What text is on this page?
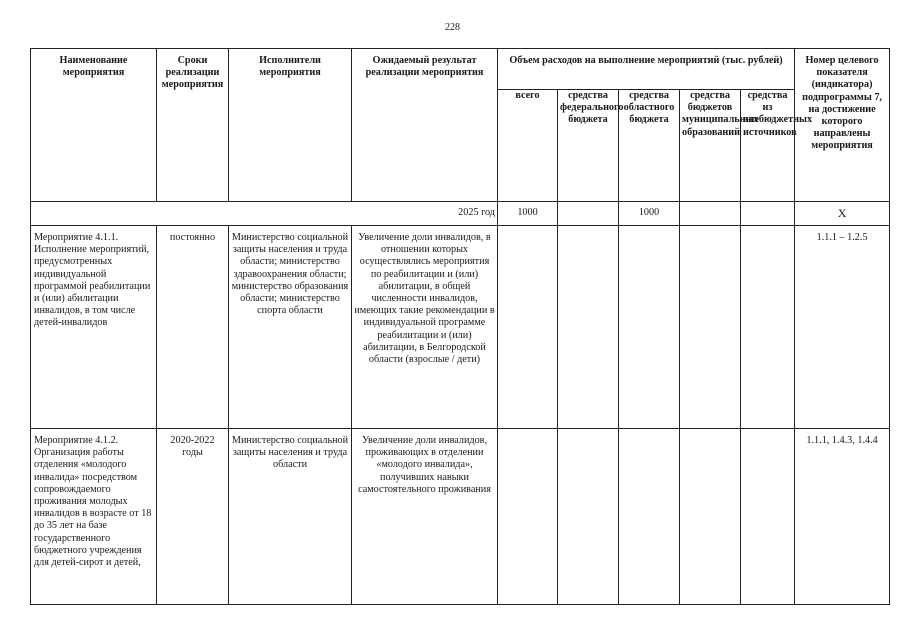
228
Наименование мероприятия	Сроки реализации мероприятия	Исполнители мероприятия	Ожидаемый результат реализации мероприятия	Объем расходов на выполнение мероприятий (тыс. рублей)					Номер целевого показателя (индикатора) подпрограммы 7, на достижение которого направлены мероприятия
				всего	средства федерального бюджета	средства областного бюджета	средства бюджетов муниципальных образований	средства из внебюджетных источников	
2025 год				1000		1000			Х
Мероприятие 4.1.1. Исполнение мероприятий, предусмотренных индивидуальной программой реабилитации и (или) абилитации инвалидов, в том числе детей-инвалидов	постоянно	Министерство социальной защиты населения и труда области; министерство здравоохранения области; министерство образования области; министерство спорта области	Увеличение доли инвалидов, в отношении которых осуществлялись мероприятия по реабилитации и (или) абилитации, в общей численности инвалидов, имеющих такие рекомендации в индивидуальной программе реабилитации и (или) абилитации, в Белгородской области (взрослые / дети)						1.1.1 – 1.2.5
Мероприятие 4.1.2. Организация работы отделения «молодого инвалида» посредством сопровождаемого проживания молодых инвалидов в возрасте от 18 до 35 лет на базе государственного бюджетного учреждения для детей-сирот и детей,	2020-2022 годы	Министерство социальной защиты населения и труда области	Увеличение доли инвалидов, проживающих в отделении «молодого инвалида», получивших навыки самостоятельного проживания						1.1.1, 1.4.3, 1.4.4
